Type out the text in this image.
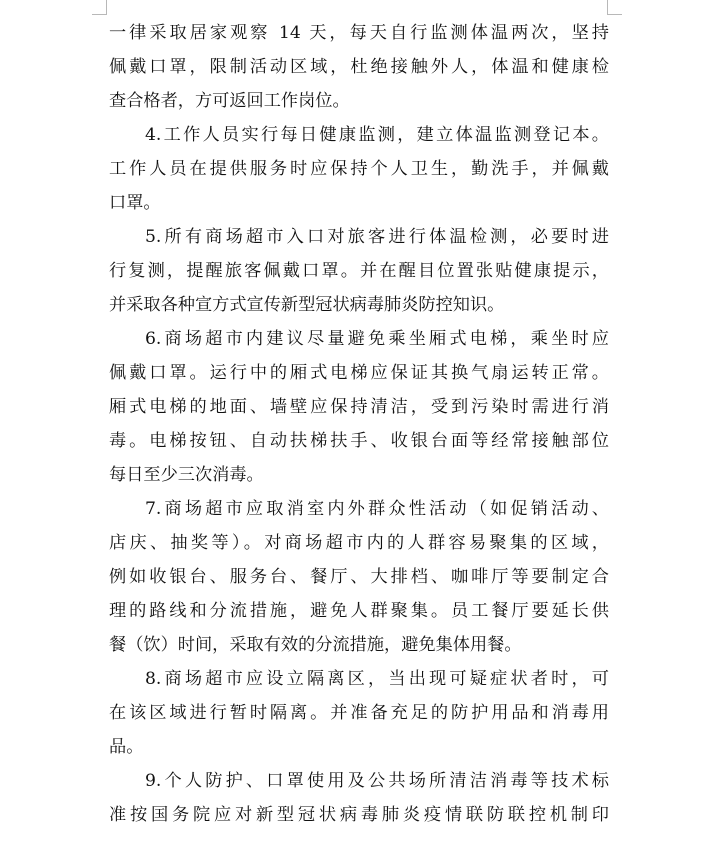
一律采取居家观察 14 天，每天自行监测体温两次，坚持
佩戴口罩，限制活动区域，杜绝接触外人，体温和健康检
查合格者，方可返回工作岗位。
4.工作人员实行每日健康监测，建立体温监测登记本。
工作人员在提供服务时应保持个人卫生，勤洗手，并佩戴
口罩。
5.所有商场超市入口对旅客进行体温检测，必要时进
行复测，提醒旅客佩戴口罩。并在醒目位置张贴健康提示，
并采取各种宣方式宣传新型冠状病毒肺炎防控知识。
6.商场超市内建议尽量避免乘坐厢式电梯，乘坐时应
佩戴口罩。运行中的厢式电梯应保证其换气扇运转正常。
厢式电梯的地面、墙壁应保持清洁，受到污染时需进行消
毒。电梯按钮、自动扶梯扶手、收银台面等经常接触部位
每日至少三次消毒。
7.商场超市应取消室内外群众性活动（如促销活动、
店庆、抽奖等）。对商场超市内的人群容易聚集的区域，
例如收银台、服务台、餐厅、大排档、咖啡厅等要制定合
理的路线和分流措施，避免人群聚集。员工餐厅要延长供
餐（饮）时间，采取有效的分流措施，避免集体用餐。
8.商场超市应设立隔离区，当出现可疑症状者时，可
在该区域进行暂时隔离。并准备充足的防护用品和消毒用
品。
9.个人防护、口罩使用及公共场所清洁消毒等技术标
准按国务院应对新型冠状病毒肺炎疫情联防联控机制印
